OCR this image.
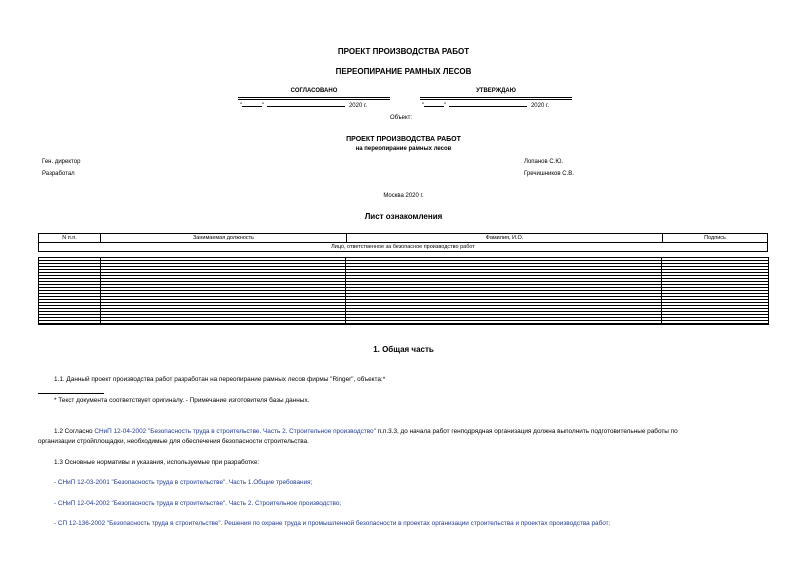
ПРОЕКТ ПРОИЗВОДСТВА РАБОТ
ПЕРЕОПИРАНИЕ РАМНЫХ ЛЕСОВ
СОГЛАСОВАНО	УТВЕРЖДАЮ
"	"	2020 г.	"	"	2020 г.
Объект:
ПРОЕКТ ПРОИЗВОДСТВА РАБОТ
на переопирание рамных лесов
Ген. директор	Лопанов С.Ю.
Разработал	Гречишников С.В.
Москва 2020 г.
Лист ознакомления
N п.п.	Занимаемая должность	Фамилия, И.О.	Подпись
Лицо, ответственное за безопасное производство работ
1. Общая часть
1.1. Данный проект производства работ разработан на переопирание рамных лесов фирмы "Ringer", объекта:*
* Текст документа соответствует оригиналу. - Примечание изготовителя базы данных.
1.2 Согласно СНиП 12-04-2002 "Безопасность труда в строительстве. Часть 2. Строительное производство" п.п.3.3, до начала работ генподрядная организация должна выполнить подготовительные работы по
организации стройплощадки, необходимые для обеспечения безопасности строительства.
1.3 Основные нормативы и указания, используемые при разработке:
- СНиП 12-03-2001 "Безопасность труда в строительстве". Часть 1.Общие требования;
- СНиП 12-04-2002 "Безопасность труда в строительстве". Часть 2. Строительное производство;
- СП 12-136-2002 "Безопасность труда в строительстве". Решения по охране труда и промышленной безопасности в проектах организации строительства и проектах производства работ;
